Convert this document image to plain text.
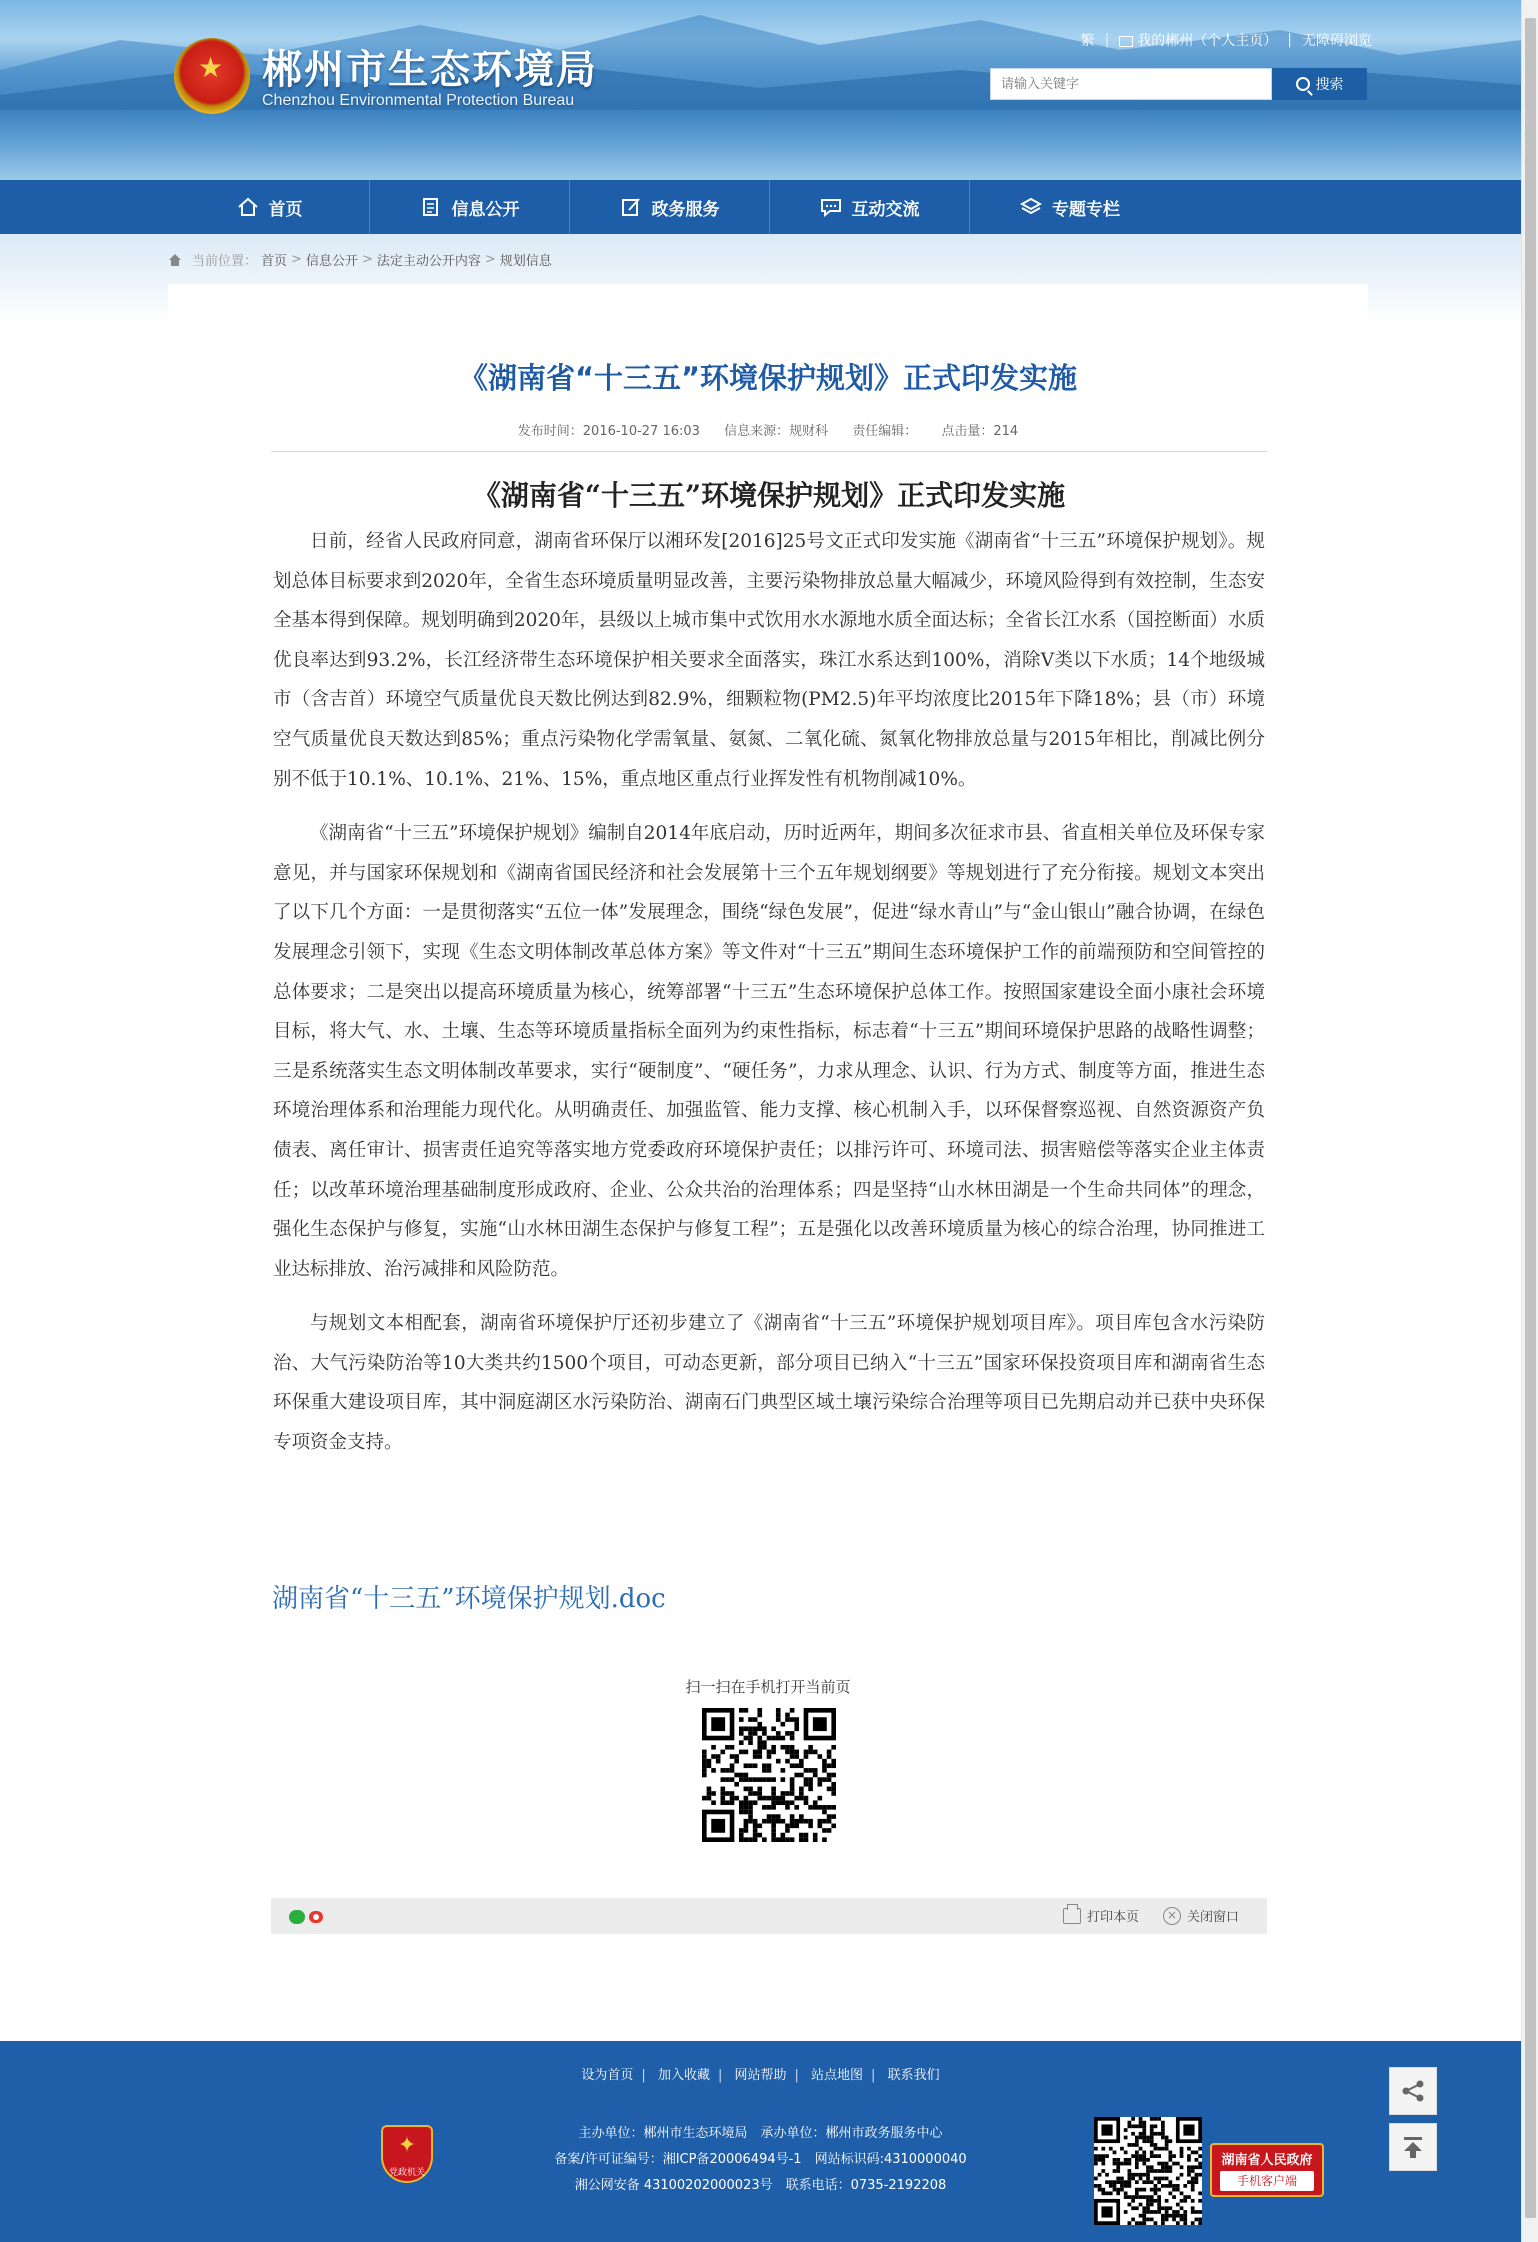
★ 郴州市生态环境局
Chenzhou Environmental Protection Bureau
繁 |	我的郴州（个人主页） | 无障碍浏览
请输入关键字
搜索
首页	信息公开	政务服务	互动交流	专题专栏
当前位置： 首页 > 信息公开 > 法定主动公开内容 > 规划信息
《湖南省“十三五”环境保护规划》正式印发实施
发布时间：2016-10-27 16:03 信息来源：规财科 责任编辑： 点击量：214
《湖南省“十三五”环境保护规划》正式印发实施

日前，经省人民政府同意，湖南省环保厅以湘环发[2016]25号文正式印发实施《湖南省“十三五”环境保护规划》。规划总体目标要求到2020年，全省生态环境质量明显改善，主要污染物排放总量大幅减少，环境风险得到有效控制，生态安全基本得到保障。规划明确到2020年，县级以上城市集中式饮用水水源地水质全面达标；全省长江水系（国控断面）水质优良率达到93.2%，长江经济带生态环境保护相关要求全面落实，珠江水系达到100%，消除V类以下水质；14个地级城市（含吉首）环境空气质量优良天数比例达到82.9%，细颗粒物(PM2.5)年平均浓度比2015年下降18%；县（市）环境空气质量优良天数达到85%；重点污染物化学需氧量、氨氮、二氧化硫、氮氧化物排放总量与2015年相比，削减比例分别不低于10.1%、10.1%、21%、15%，重点地区重点行业挥发性有机物削减10%。

《湖南省“十三五”环境保护规划》编制自2014年底启动，历时近两年，期间多次征求市县、省直相关单位及环保专家意见，并与国家环保规划和《湖南省国民经济和社会发展第十三个五年规划纲要》等规划进行了充分衔接。规划文本突出了以下几个方面：一是贯彻落实“五位一体”发展理念，围绕“绿色发展”，促进“绿水青山”与“金山银山”融合协调，在绿色发展理念引领下，实现《生态文明体制改革总体方案》等文件对“十三五”期间生态环境保护工作的前端预防和空间管控的总体要求；二是突出以提高环境质量为核心，统筹部署“十三五”生态环境保护总体工作。按照国家建设全面小康社会环境目标，将大气、水、土壤、生态等环境质量指标全面列为约束性指标，标志着“十三五”期间环境保护思路的战略性调整；三是系统落实生态文明体制改革要求，实行“硬制度”、“硬任务”，力求从理念、认识、行为方式、制度等方面，推进生态环境治理体系和治理能力现代化。从明确责任、加强监管、能力支撑、核心机制入手，以环保督察巡视、自然资源资产负债表、离任审计、损害责任追究等落实地方党委政府环境保护责任；以排污许可、环境司法、损害赔偿等落实企业主体责任；以改革环境治理基础制度形成政府、企业、公众共治的治理体系；四是坚持“山水林田湖是一个生命共同体”的理念，强化生态保护与修复，实施“山水林田湖生态保护与修复工程”；五是强化以改善环境质量为核心的综合治理，协同推进工业达标排放、治污减排和风险防范。

与规划文本相配套，湖南省环境保护厅还初步建立了《湖南省“十三五”环境保护规划项目库》。项目库包含水污染防治、大气污染防治等10大类共约1500个项目，可动态更新，部分项目已纳入“十三五”国家环保投资项目库和湖南省生态环保重大建设项目库，其中洞庭湖区水污染防治、湖南石门典型区域土壤污染综合治理等项目已先期启动并已获中央环保专项资金支持。

湖南省“十三五”环境保护规划.doc
扫一扫在手机打开当前页
打印本页	× 关闭窗口
设为首页 | 加入收藏 | 网站帮助 | 站点地图 | 联系我们
主办单位：郴州市生态环境局　承办单位：郴州市政务服务中心
备案/许可证编号：湘ICP备20006494号-1　网站标识码:4310000040
湘公网安备 43100202000023号　联系电话：0735-2192208
✦
党政机关
湖南省人民政府
手机客户端
